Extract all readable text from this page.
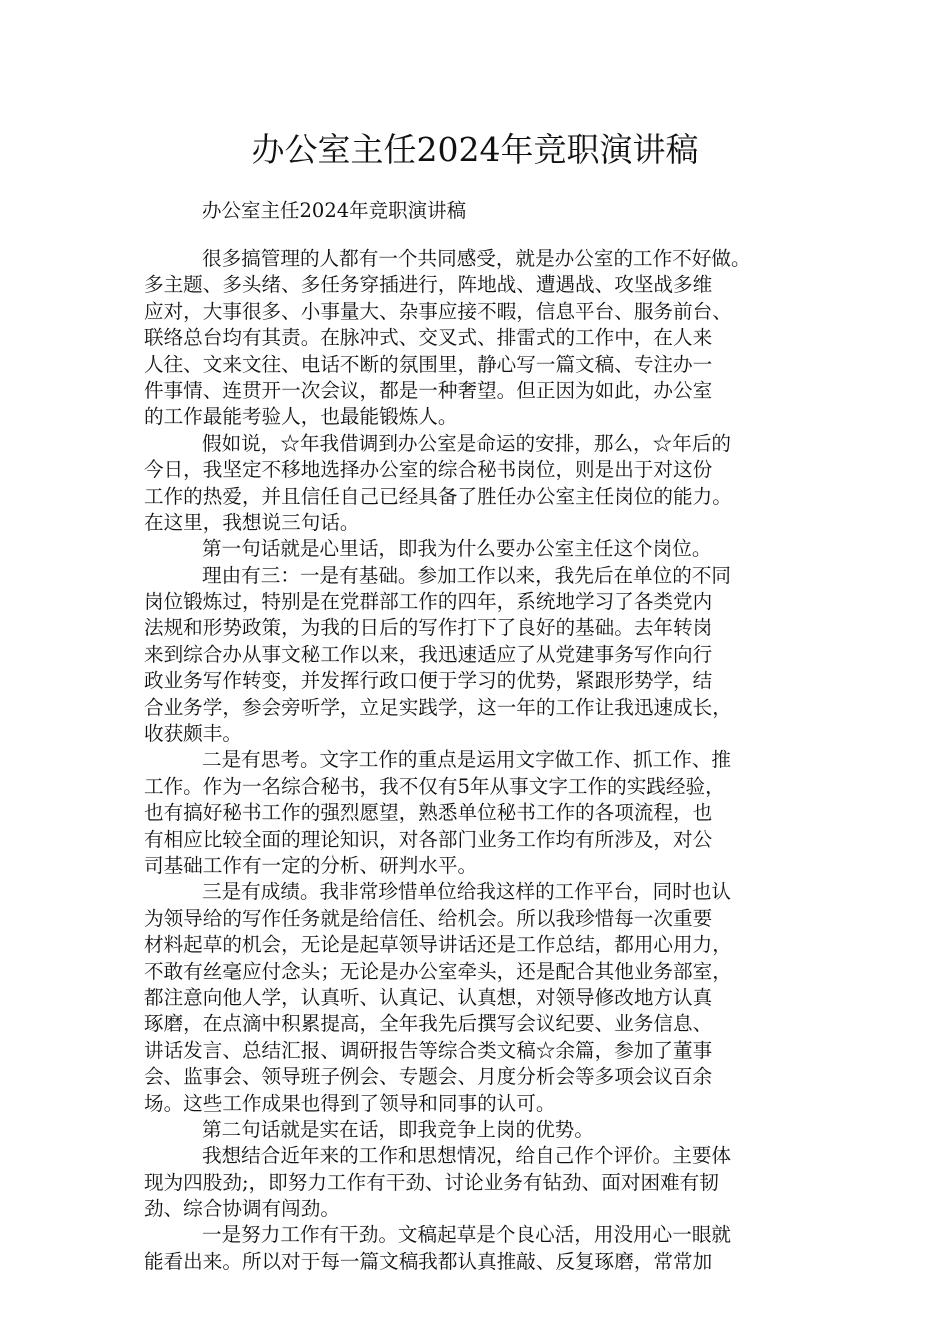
办公室主任2024年竞职演讲稿

办公室主任2024年竞职演讲稿

很多搞管理的人都有一个共同感受，就是办公室的工作不好做。
多主题、多头绪、多任务穿插进行，阵地战、遭遇战、攻坚战多维
应对，大事很多、小事量大、杂事应接不暇，信息平台、服务前台、
联络总台均有其责。在脉冲式、交叉式、排雷式的工作中，在人来
人往、文来文往、电话不断的氛围里，静心写一篇文稿、专注办一
件事情、连贯开一次会议，都是一种奢望。但正因为如此，办公室
的工作最能考验人，也最能锻炼人。
假如说，☆年我借调到办公室是命运的安排，那么，☆年后的
今日，我坚定不移地选择办公室的综合秘书岗位，则是出于对这份
工作的热爱，并且信任自己已经具备了胜任办公室主任岗位的能力。
在这里，我想说三句话。
第一句话就是心里话，即我为什么要办公室主任这个岗位。
理由有三：一是有基础。参加工作以来，我先后在单位的不同
岗位锻炼过，特别是在党群部工作的四年，系统地学习了各类党内
法规和形势政策，为我的日后的写作打下了良好的基础。去年转岗
来到综合办从事文秘工作以来，我迅速适应了从党建事务写作向行
政业务写作转变，并发挥行政口便于学习的优势，紧跟形势学，结
合业务学，参会旁听学，立足实践学，这一年的工作让我迅速成长，
收获颇丰。
二是有思考。文字工作的重点是运用文字做工作、抓工作、推
工作。作为一名综合秘书，我不仅有5年从事文字工作的实践经验，
也有搞好秘书工作的强烈愿望，熟悉单位秘书工作的各项流程，也
有相应比较全面的理论知识，对各部门业务工作均有所涉及，对公
司基础工作有一定的分析、研判水平。
三是有成绩。我非常珍惜单位给我这样的工作平台，同时也认
为领导给的写作任务就是给信任、给机会。所以我珍惜每一次重要
材料起草的机会，无论是起草领导讲话还是工作总结，都用心用力，
不敢有丝毫应付念头；无论是办公室牵头，还是配合其他业务部室，
都注意向他人学，认真听、认真记、认真想，对领导修改地方认真
琢磨，在点滴中积累提高，全年我先后撰写会议纪要、业务信息、
讲话发言、总结汇报、调研报告等综合类文稿☆余篇，参加了董事
会、监事会、领导班子例会、专题会、月度分析会等多项会议百余
场。这些工作成果也得到了领导和同事的认可。
第二句话就是实在话，即我竞争上岗的优势。
我想结合近年来的工作和思想情况，给自己作个评价。主要体
现为四股劲;，即努力工作有干劲、讨论业务有钻劲、面对困难有韧
劲、综合协调有闯劲。
一是努力工作有干劲。文稿起草是个良心活，用没用心一眼就
能看出来。所以对于每一篇文稿我都认真推敲、反复琢磨，常常加
